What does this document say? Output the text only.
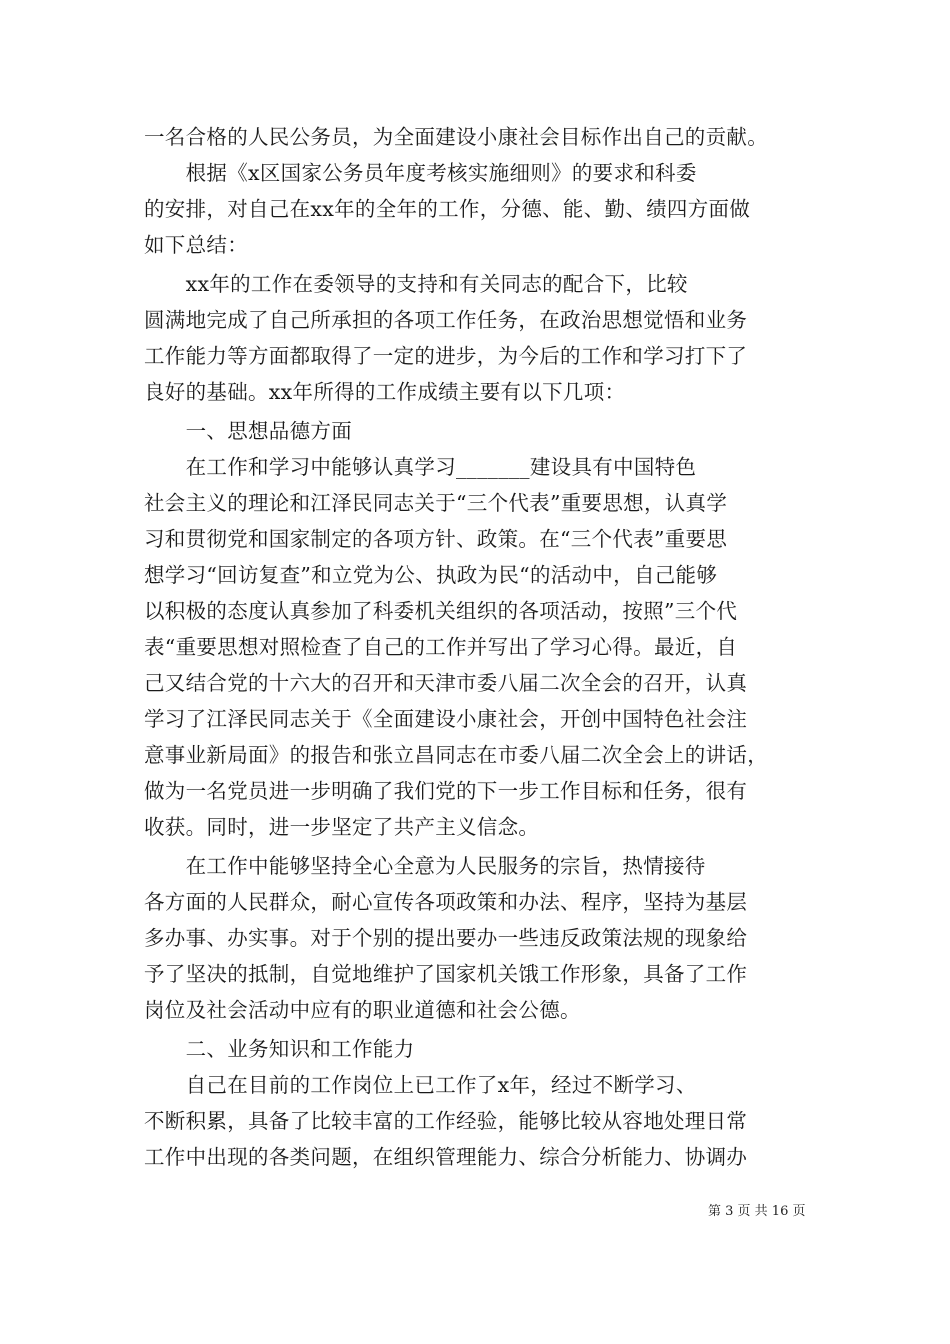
一名合格的人民公务员，为全面建设小康社会目标作出自己的贡献。
　　根据《x区国家公务员年度考核实施细则》的要求和科委
的安排，对自己在xx年的全年的工作，分德、能、勤、绩四方面做
如下总结：
　　xx年的工作在委领导的支持和有关同志的配合下，比较
圆满地完成了自己所承担的各项工作任务，在政治思想觉悟和业务
工作能力等方面都取得了一定的进步，为今后的工作和学习打下了
良好的基础。xx年所得的工作成绩主要有以下几项：
　　一、思想品德方面
　　在工作和学习中能够认真学习_______建设具有中国特色
社会主义的理论和江泽民同志关于“三个代表”重要思想，认真学
习和贯彻党和国家制定的各项方针、政策。在“三个代表”重要思
想学习“回访复查”和立党为公、执政为民“的活动中，自己能够
以积极的态度认真参加了科委机关组织的各项活动，按照”三个代
表“重要思想对照检查了自己的工作并写出了学习心得。最近，自
己又结合党的十六大的召开和天津市委八届二次全会的召开，认真
学习了江泽民同志关于《全面建设小康社会，开创中国特色社会注
意事业新局面》的报告和张立昌同志在市委八届二次全会上的讲话，
做为一名党员进一步明确了我们党的下一步工作目标和任务，很有
收获。同时，进一步坚定了共产主义信念。
　　在工作中能够坚持全心全意为人民服务的宗旨，热情接待
各方面的人民群众，耐心宣传各项政策和办法、程序，坚持为基层
多办事、办实事。对于个别的提出要办一些违反政策法规的现象给
予了坚决的抵制，自觉地维护了国家机关饿工作形象，具备了工作
岗位及社会活动中应有的职业道德和社会公德。
　　二、业务知识和工作能力
　　自己在目前的工作岗位上已工作了x年，经过不断学习、
不断积累，具备了比较丰富的工作经验，能够比较从容地处理日常
工作中出现的各类问题，在组织管理能力、综合分析能力、协调办
第 3 页 共 16 页
